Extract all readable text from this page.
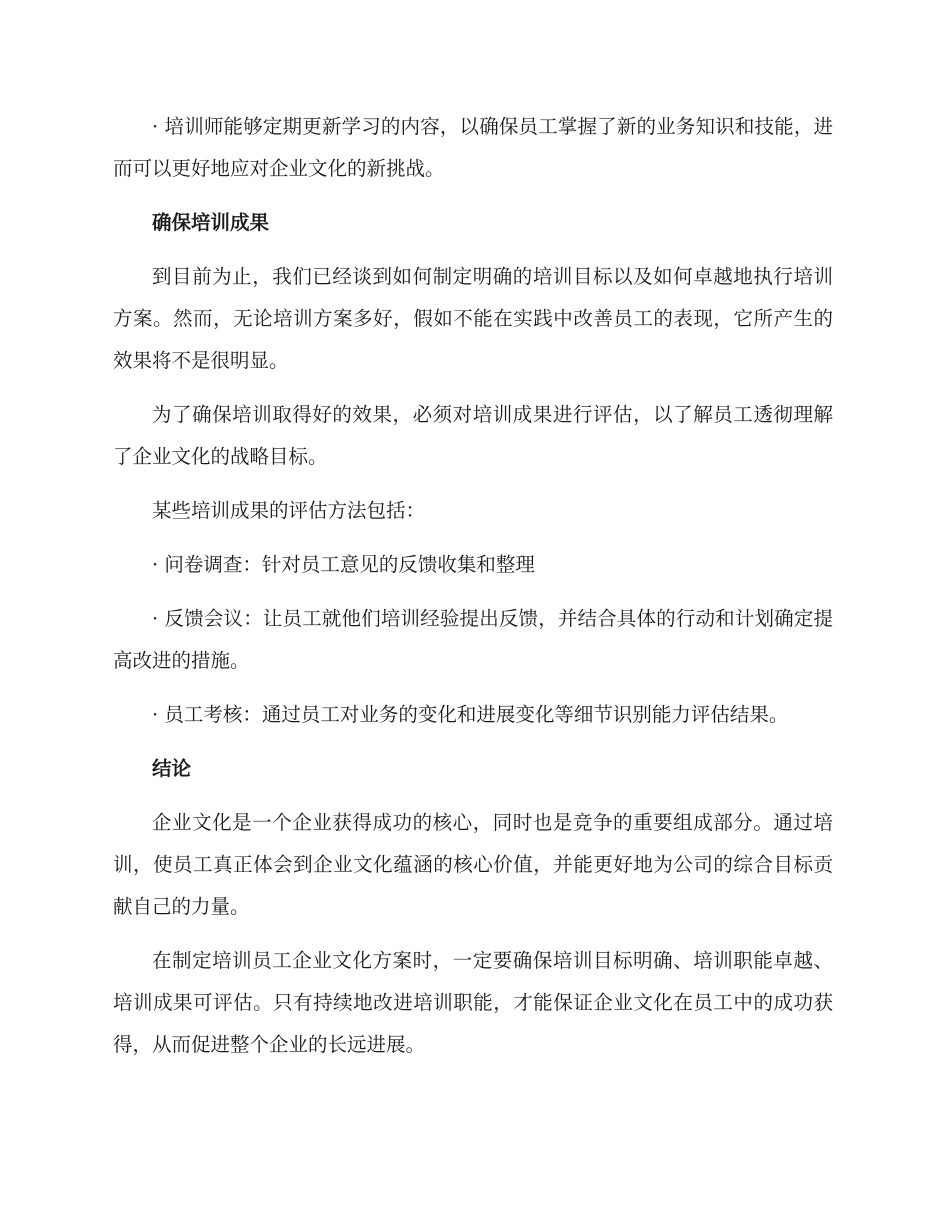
· 培训师能够定期更新学习的内容，以确保员工掌握了新的业务知识和技能，进而可以更好地应对企业文化的新挑战。

确保培训成果

到目前为止，我们已经谈到如何制定明确的培训目标以及如何卓越地执行培训方案。然而，无论培训方案多好，假如不能在实践中改善员工的表现，它所产生的效果将不是很明显。

为了确保培训取得好的效果，必须对培训成果进行评估，以了解员工透彻理解了企业文化的战略目标。

某些培训成果的评估方法包括：

· 问卷调查：针对员工意见的反馈收集和整理

· 反馈会议：让员工就他们培训经验提出反馈，并结合具体的行动和计划确定提高改进的措施。

· 员工考核：通过员工对业务的变化和进展变化等细节识别能力评估结果。

结论

企业文化是一个企业获得成功的核心，同时也是竞争的重要组成部分。通过培训，使员工真正体会到企业文化蕴涵的核心价值，并能更好地为公司的综合目标贡献自己的力量。

在制定培训员工企业文化方案时，一定要确保培训目标明确、培训职能卓越、培训成果可评估。只有持续地改进培训职能，才能保证企业文化在员工中的成功获得，从而促进整个企业的长远进展。
